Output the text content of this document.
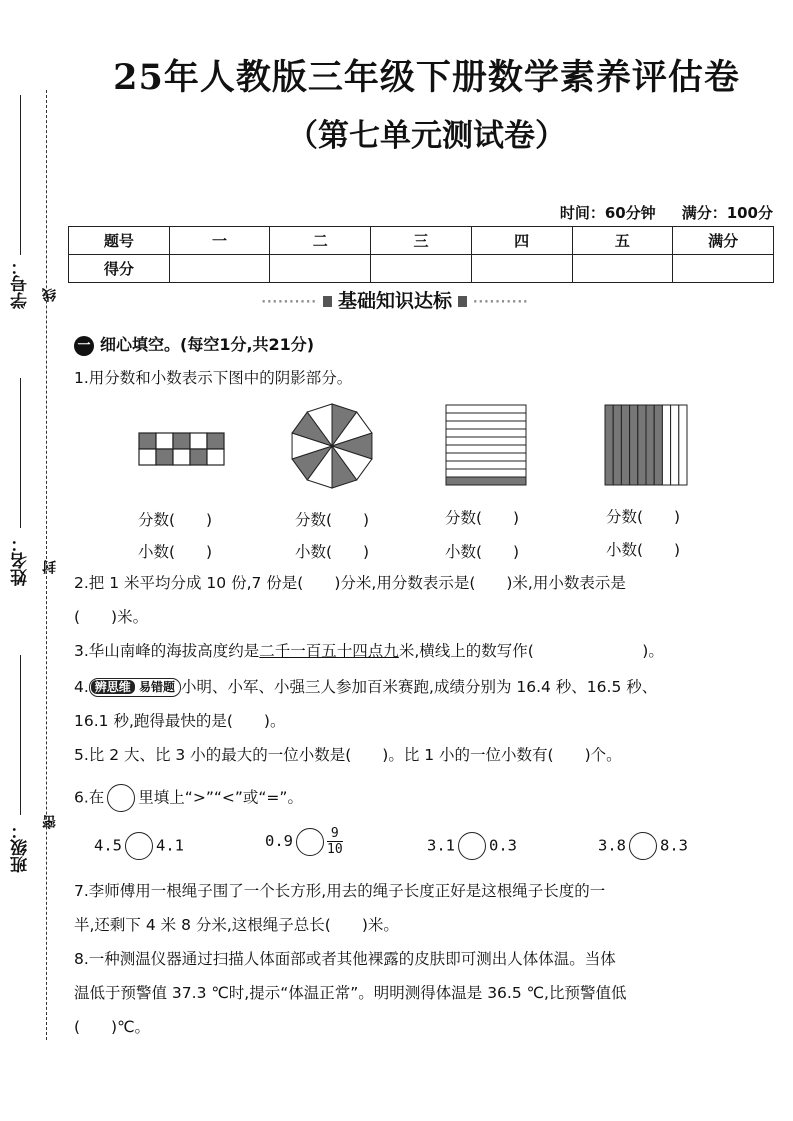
学号： 线
姓名： 封
班级： 密
25年人教版三年级下册数学素养评估卷
（第七单元测试卷）
时间：60分钟 满分：100分
题号	一	二	三	四	五	满分
得分						
·········· 基础知识达标 ··········
一 细心填空。(每空1分,共21分)
1.用分数和小数表示下图中的阴影部分。
分数(　　)
小数(　　)
分数(　　)
小数(　　)
分数(　　)
小数(　　)
分数(　　)
小数(　　)
2.把 1 米平均分成 10 份,7 份是(　　)分米,用分数表示是(　　)米,用小数表示是
(　　)米。
3.华山南峰的海拔高度约是二千一百五十四点九米,横线上的数写作(　　　　　　　)。
4. 辨思维 易错题 小明、小军、小强三人参加百米赛跑,成绩分别为 16.4 秒、16.5 秒、
16.1 秒,跑得最快的是(　　)。
5.比 2 大、比 3 小的最大的一位小数是(　　)。比 1 小的一位小数有(　　)个。
6.在 里填上“>”“<”或“=”。
4.5 4.1	0.9	$\frac{9}{10}$	3.1 0.3	3.8 8.3
7.李师傅用一根绳子围了一个长方形,用去的绳子长度正好是这根绳子长度的一
半,还剩下 4 米 8 分米,这根绳子总长(　　)米。
8.一种测温仪器通过扫描人体面部或者其他裸露的皮肤即可测出人体体温。当体
温低于预警值 37.3 ℃时,提示“体温正常”。明明测得体温是 36.5 ℃,比预警值低
(　　)℃。
